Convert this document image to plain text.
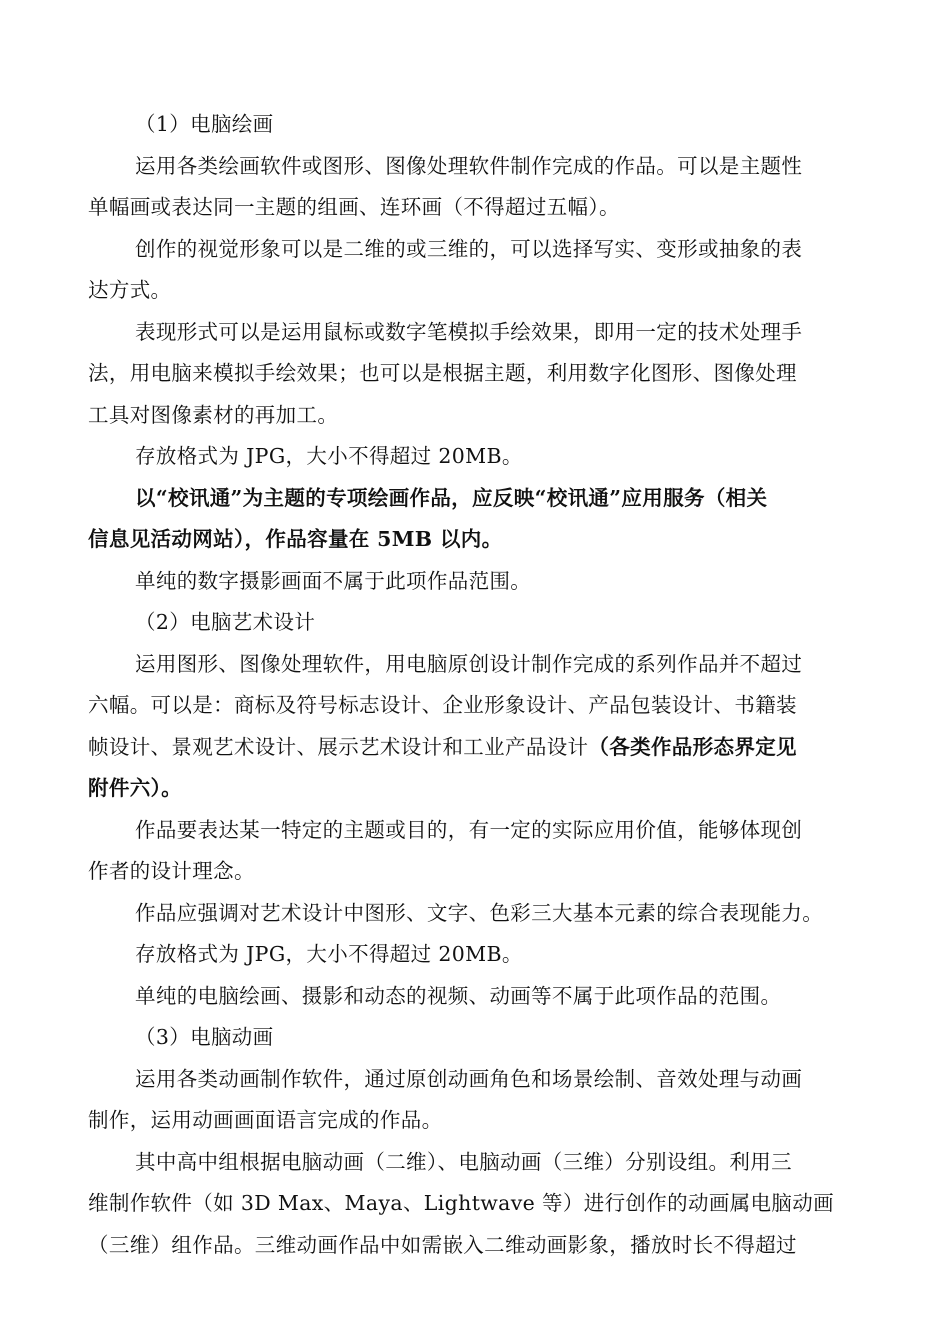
（1）电脑绘画
运用各类绘画软件或图形、图像处理软件制作完成的作品。可以是主题性
单幅画或表达同一主题的组画、连环画（不得超过五幅）。
创作的视觉形象可以是二维的或三维的，可以选择写实、变形或抽象的表
达方式。
表现形式可以是运用鼠标或数字笔模拟手绘效果，即用一定的技术处理手
法，用电脑来模拟手绘效果；也可以是根据主题，利用数字化图形、图像处理
工具对图像素材的再加工。
存放格式为 JPG，大小不得超过 20MB。
以“校讯通”为主题的专项绘画作品，应反映“校讯通”应用服务（相关
信息见活动网站），作品容量在 5MB 以内。
单纯的数字摄影画面不属于此项作品范围。
（2）电脑艺术设计
运用图形、图像处理软件，用电脑原创设计制作完成的系列作品并不超过
六幅。可以是：商标及符号标志设计、企业形象设计、产品包装设计、书籍装
帧设计、景观艺术设计、展示艺术设计和工业产品设计（各类作品形态界定见
附件六）。
作品要表达某一特定的主题或目的，有一定的实际应用价值，能够体现创
作者的设计理念。
作品应强调对艺术设计中图形、文字、色彩三大基本元素的综合表现能力。
存放格式为 JPG，大小不得超过 20MB。
单纯的电脑绘画、摄影和动态的视频、动画等不属于此项作品的范围。
（3）电脑动画
运用各类动画制作软件，通过原创动画角色和场景绘制、音效处理与动画
制作，运用动画画面语言完成的作品。
其中高中组根据电脑动画（二维）、电脑动画（三维）分别设组。利用三
维制作软件（如 3D Max、Maya、Lightwave 等）进行创作的动画属电脑动画
（三维）组作品。三维动画作品中如需嵌入二维动画影象，播放时长不得超过
